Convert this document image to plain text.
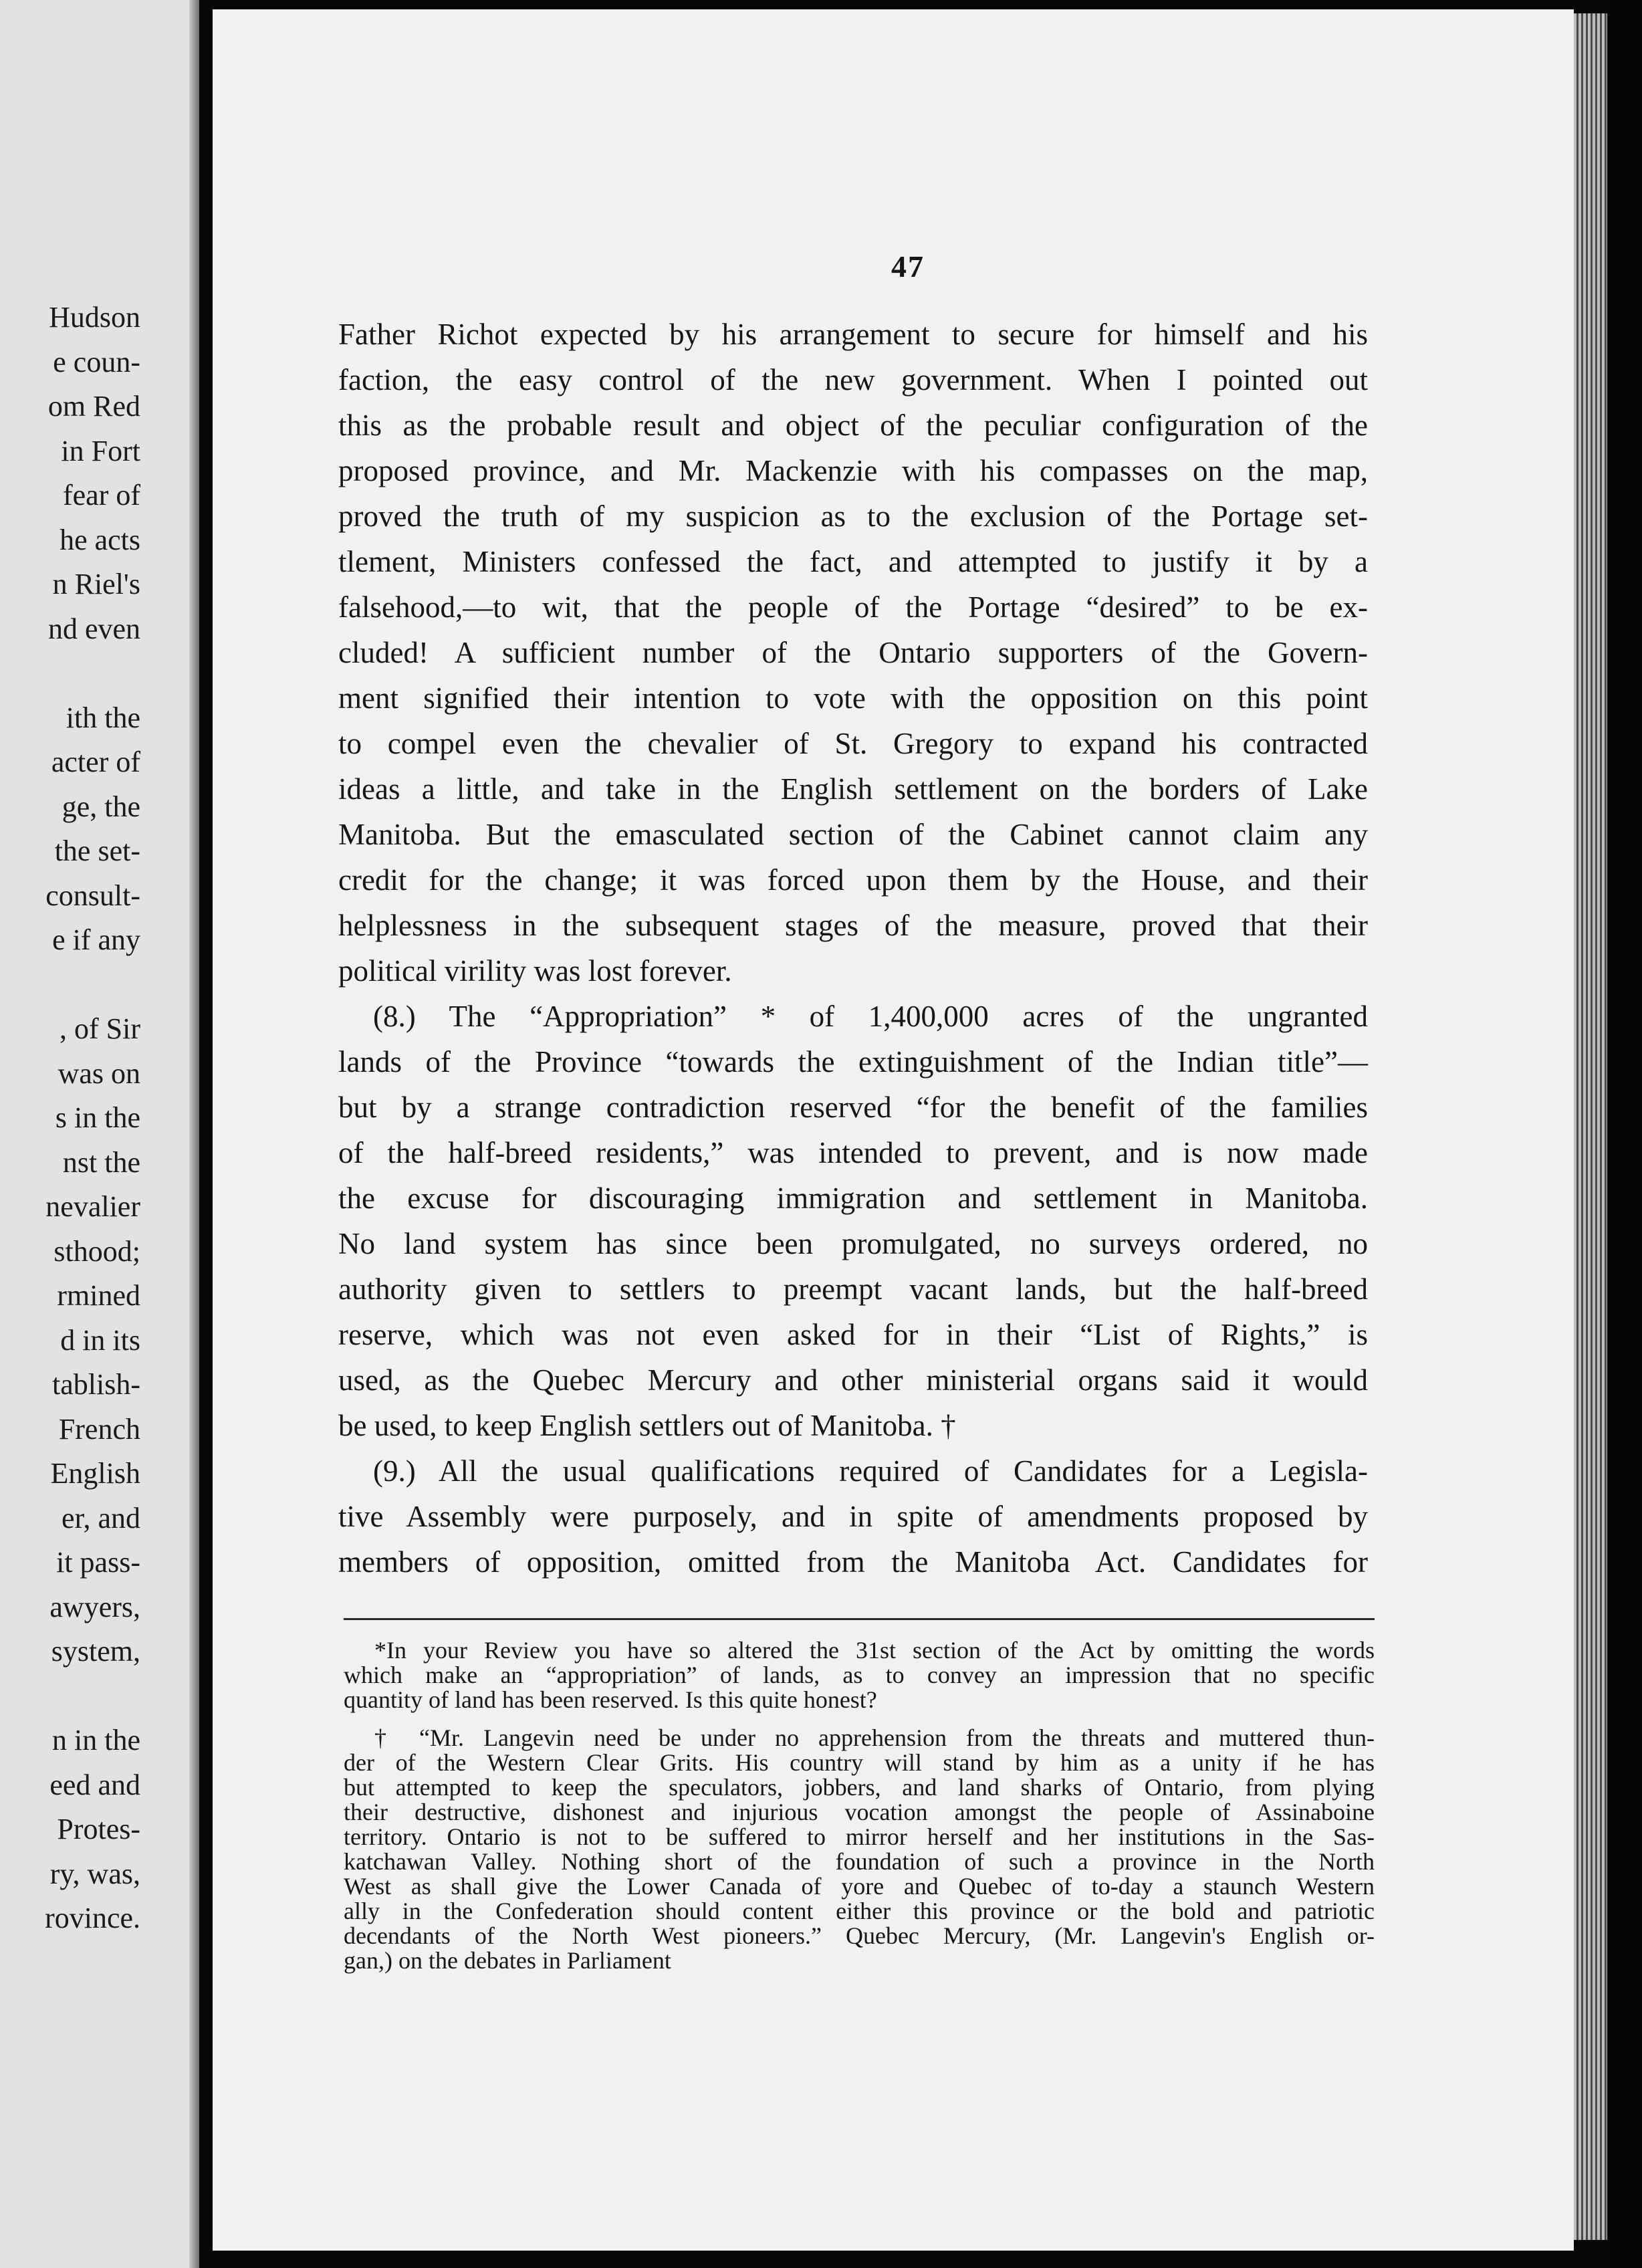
Hudson
e coun-
om Red
in Fort
fear of
he acts
n Riel's
nd even
ith the
acter of
ge, the
the set-
consult-
e if any
, of Sir
was on
s in the
nst the
nevalier
sthood;
rmined
d in its
tablish-
French
English
er, and
it pass-
awyers,
system,
n in the
eed and
Protes-
ry, was,
rovince.
47
Father Richot expected by his arrangement to secure for himself and his
faction, the easy control of the new government. When I pointed out
this as the probable result and object of the peculiar configuration of the
proposed province, and Mr. Mackenzie with his compasses on the map,
proved the truth of my suspicion as to the exclusion of the Portage set-
tlement, Ministers confessed the fact, and attempted to justify it by a
falsehood,—to wit, that the people of the Portage “desired” to be ex-
cluded! A sufficient number of the Ontario supporters of the Govern-
ment signified their intention to vote with the opposition on this point
to compel even the chevalier of St. Gregory to expand his contracted
ideas a little, and take in the English settlement on the borders of Lake
Manitoba. But the emasculated section of the Cabinet cannot claim any
credit for the change; it was forced upon them by the House, and their
helplessness in the subsequent stages of the measure, proved that their
political virility was lost forever.
(8.) The “Appropriation” * of 1,400,000 acres of the ungranted
lands of the Province “towards the extinguishment of the Indian title”—
but by a strange contradiction reserved “for the benefit of the families
of the half-breed residents,” was intended to prevent, and is now made
the excuse for discouraging immigration and settlement in Manitoba.
No land system has since been promulgated, no surveys ordered, no
authority given to settlers to preempt vacant lands, but the half-breed
reserve, which was not even asked for in their “List of Rights,” is
used, as the Quebec Mercury and other ministerial organs said it would
be used, to keep English settlers out of Manitoba. †
(9.) All the usual qualifications required of Candidates for a Legisla-
tive Assembly were purposely, and in spite of amendments proposed by
members of opposition, omitted from the Manitoba Act. Candidates for
*In your Review you have so altered the 31st section of the Act by omitting the words
which make an “appropriation” of lands, as to convey an impression that no specific
quantity of land has been reserved. Is this quite honest?
† “Mr. Langevin need be under no apprehension from the threats and muttered thun-
der of the Western Clear Grits. His country will stand by him as a unity if he has
but attempted to keep the speculators, jobbers, and land sharks of Ontario, from plying
their destructive, dishonest and injurious vocation amongst the people of Assinaboine
territory. Ontario is not to be suffered to mirror herself and her institutions in the Sas-
katchawan Valley. Nothing short of the foundation of such a province in the North
West as shall give the Lower Canada of yore and Quebec of to-day a staunch Western
ally in the Confederation should content either this province or the bold and patriotic
decendants of the North West pioneers.” Quebec Mercury, (Mr. Langevin's English or-
gan,) on the debates in Parliament
